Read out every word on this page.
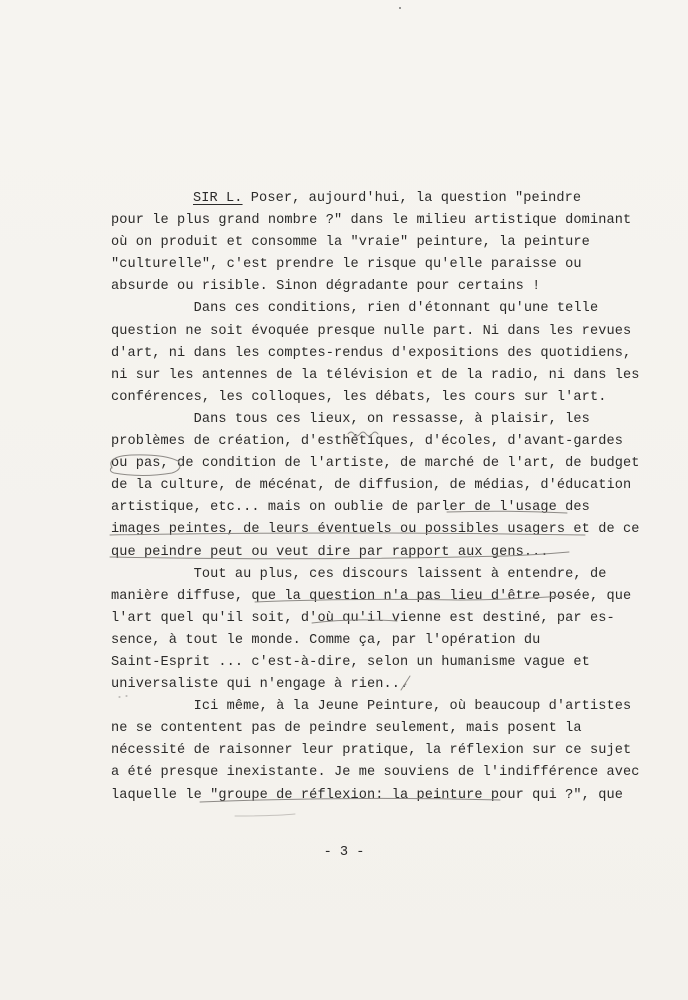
SIR L. Poser, aujourd'hui, la question "peindre
pour le plus grand nombre ?" dans le milieu artistique dominant
où on produit et consomme la "vraie" peinture, la peinture
"culturelle", c'est prendre le risque qu'elle paraisse ou
absurde ou risible. Sinon dégradante pour certains !
Dans ces conditions, rien d'étonnant qu'une telle
question ne soit évoquée presque nulle part. Ni dans les revues
d'art, ni dans les comptes-rendus d'expositions des quotidiens,
ni sur les antennes de la télévision et de la radio, ni dans les
conférences, les colloques, les débats, les cours sur l'art.
Dans tous ces lieux, on ressasse, à plaisir, les
problèmes de création, d'esthétiques, d'écoles, d'avant-gardes
ou pas, de condition de l'artiste, de marché de l'art, de budget
de la culture, de mécénat, de diffusion, de médias, d'éducation
artistique, etc... mais on oublie de parler de l'usage des
images peintes, de leurs éventuels ou possibles usagers et de ce
que peindre peut ou veut dire par rapport aux gens...
Tout au plus, ces discours laissent à entendre, de
manière diffuse, que la question n'a pas lieu d'être posée, que
l'art quel qu'il soit, d'où qu'il vienne est destiné, par es-
sence, à tout le monde. Comme ça, par l'opération du
Saint-Esprit ... c'est-à-dire, selon un humanisme vague et
universaliste qui n'engage à rien...
Ici même, à la Jeune Peinture, où beaucoup d'artistes
ne se contentent pas de peindre seulement, mais posent la
nécessité de raisonner leur pratique, la réflexion sur ce sujet
a été presque inexistante. Je me souviens de l'indifférence avec
laquelle le "groupe de réflexion: la peinture pour qui ?", que
- 3 -
